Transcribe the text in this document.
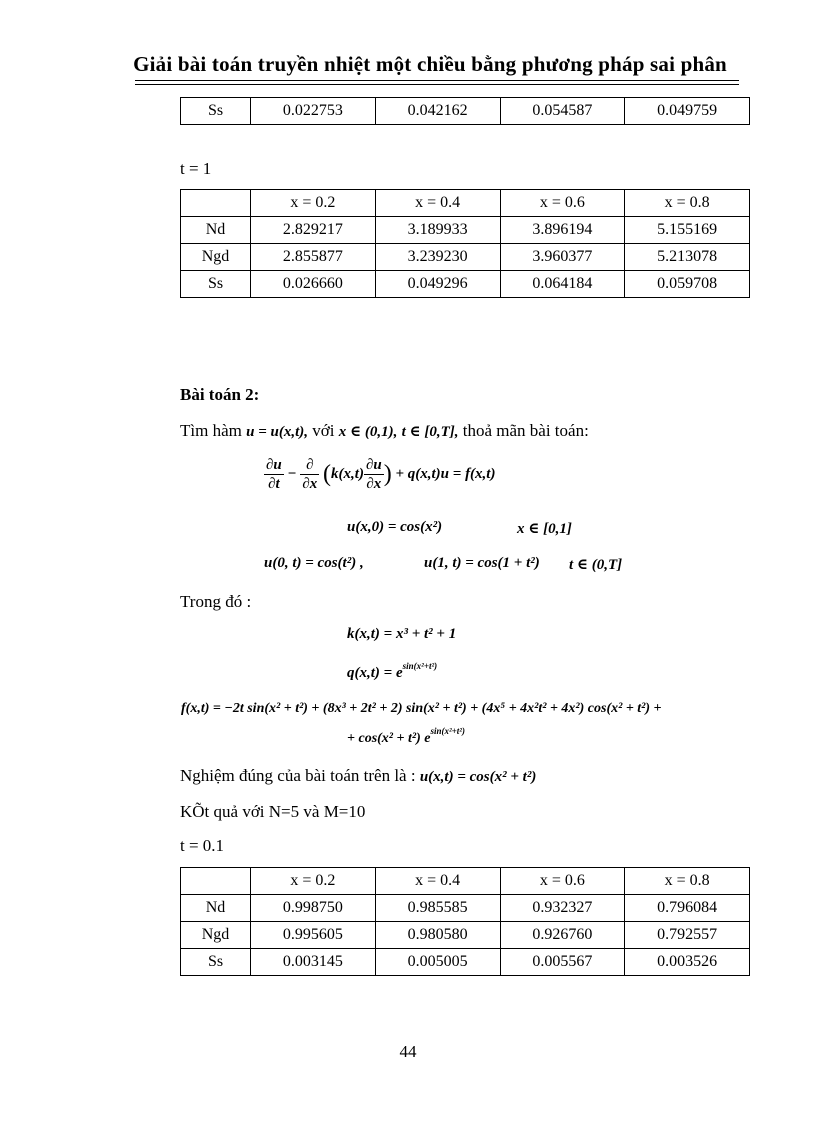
Giải bài toán truyền nhiệt một chiều bằng phương pháp sai phân
Ss	0.022753	0.042162	0.054587	0.049759
t = 1
	x = 0.2	x = 0.4	x = 0.6	x = 0.8
Nd	2.829217	3.189933	3.896194	5.155169
Ngd	2.855877	3.239230	3.960377	5.213078
Ss	0.026660	0.049296	0.064184	0.059708
Bài toán 2:
Tìm hàm u = u(x,t), với x ∈ (0,1), t ∈ [0,T], thoả mãn bài toán:
$\frac{\partial u}{\partial t} - \frac{\partial}{\partial x} (k(x,t) \frac{\partial u}{\partial x}$ ) + q(x,t)u = f(x,t)
u(x,0) = cos(x²)	x ∈ [0,1]
u(0, t) = cos(t²) ,	u(1, t) = cos(1 + t²) t ∈ (0,T]
Trong đó :
k(x,t) = x³ + t² + 1
$q(x,t) = e^{sin(x^2+t^2)}$
f(x,t) = −2t sin(x² + t²) + (8x³ + 2t² + 2) sin(x² + t²) + (4x⁵ + 4x²t² + 4x²) cos(x² + t²) +
+ cos(x² + t²) $e^{sin(x^2+t^2)}$
Nghiệm đúng của bài toán trên là : u(x,t) = cos(x² + t²)
KÕt quả với N=5 và M=10
t = 0.1
	x = 0.2	x = 0.4	x = 0.6	x = 0.8
Nd	0.998750	0.985585	0.932327	0.796084
Ngd	0.995605	0.980580	0.926760	0.792557
Ss	0.003145	0.005005	0.005567	0.003526
44
